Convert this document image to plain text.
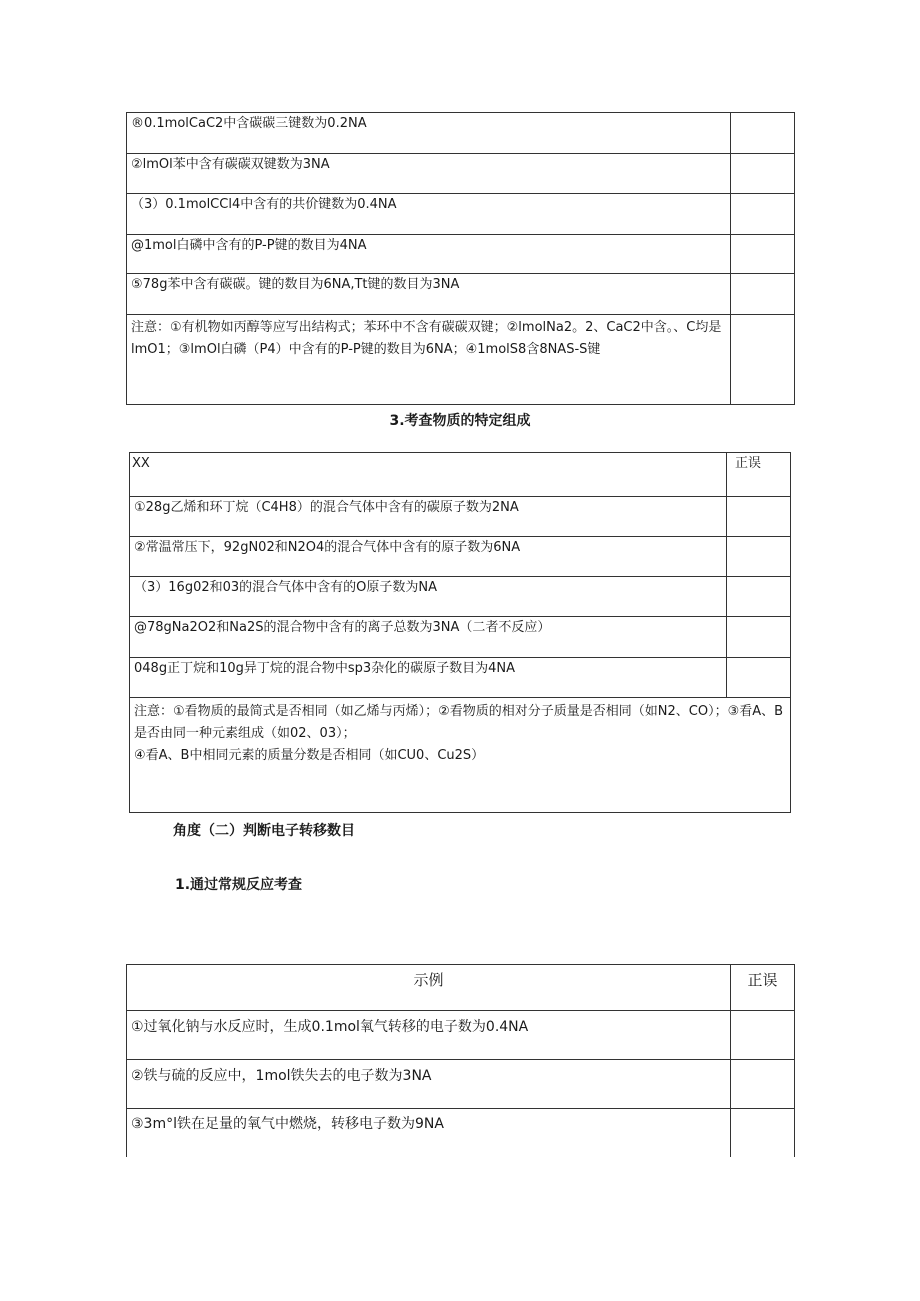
®0.1molCaC2中含碳碳三键数为0.2NA	
②lmOl苯中含有碳碳双键数为3NA	
（3）0.1molCCl4中含有的共价键数为0.4NA	
@1mol白磷中含有的P-P键的数目为4NA	
⑤78g苯中含有碳碳。键的数目为6NA,Tt键的数目为3NA	
注意：①有机物如丙醇等应写出结构式；苯环中不含有碳碳双键；②lmolNa2。2、CaC2中含。、C均是lmO1；③lmOl白磷（P4）中含有的P-P键的数目为6NA；④1molS8含8NAS-S键	
3.考查物质的特定组成
XX	正误
①28g乙烯和环丁烷（C4H8）的混合气体中含有的碳原子数为2NA	
②常温常压下，92gN02和N2O4的混合气体中含有的原子数为6NA	
（3）16g02和03的混合气体中含有的O原子数为NA	
@78gNa2O2和Na2S的混合物中含有的离子总数为3NA（二者不反应）	
048g正丁烷和10g异丁烷的混合物中sp3杂化的碳原子数目为4NA	

注意：①看物质的最简式是否相同（如乙烯与丙烯）；②看物质的相对分子质量是否相同（如N2、CO）；③看A、B是否由同一种元素组成（如02、03）；
④看A、B中相同元素的质量分数是否相同（如CU0、Cu2S）	
角度（二）判断电子转移数目
1.通过常规反应考查
示例	正误
①过氧化钠与水反应时，生成0.1mol氧气转移的电子数为0.4NA	
②铁与硫的反应中，1mol铁失去的电子数为3NA	
③3m°l铁在足量的氧气中燃烧，转移电子数为9NA	
